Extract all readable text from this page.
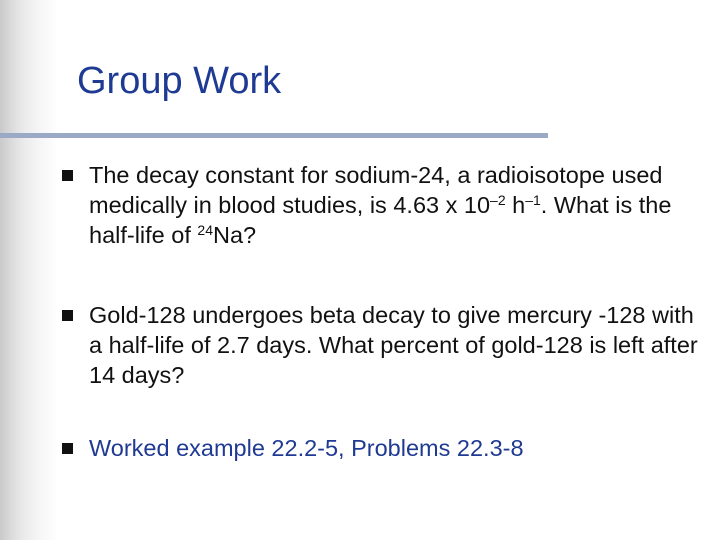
Group Work
The decay constant for sodium-24, a radioisotope used medically in blood studies, is 4.63 x $10^{-2}$ $h^{-1}$. What is the half-life of $^{24}$Na?
Gold-128 undergoes beta decay to give mercury -128 with a half-life of 2.7 days. What percent of gold-128 is left after 14 days?
Worked example 22.2-5, Problems 22.3-8
